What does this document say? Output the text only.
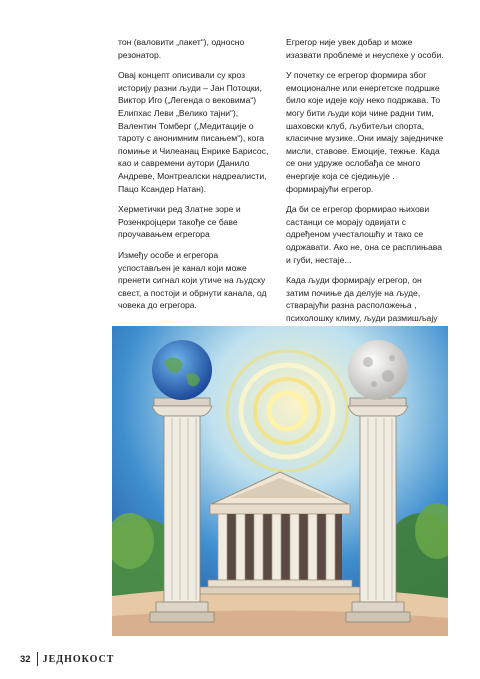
тон (валовити „пакет“), односно резонатор.

Овај концепт описивали су кроз историју разни људи – Јан Потоцки, Виктор Иго („Легенда о вековима“) Елипхас Леви „Велико тајни“), Валентин Томберг („Медитације о тароту с анонимним писањем“), кога помиње и Чилеанац Енрике Барисос, као и савремени аутори (Данило Андреве, Монтреалски надреалисти, Пацо Ксандер Натан).

Херметички ред Златне зоре и Розенкројцери такође се баве проучавањем егрегора

Између особе и егрегора успостављен је канал који може пренети сигнал који утиче на људску свест, а постоји и обрнути канала, од човека до егрегора.

Егрегор није увек добар и може изазвати проблеме и неуспехе у особи.

У почетку се егрегор формира због емоционалне или енергетске подршке било које идеје коју неко подржава. То могу бити људи који чине радни тим, шаховски клуб, љубитељи спорта, класичне музике..Они имају заједничке мисли, ставове. Емоције, тежње. Када се они удруже ослобађа се много енергије која се сједињује . формирајући егрегор.

Да би се егрегор формирао њихови састанци се морају одвијати с одређеном учесталошћу и тако се одржавати. Ако не, она се расплињава и губи, нестаје...

Када људи формирају егрегор, он затим почиње да делује на људе, стварајући разна расположења , психолошку климу, људи размишљају

32 ЈЕДНОКОСТ
